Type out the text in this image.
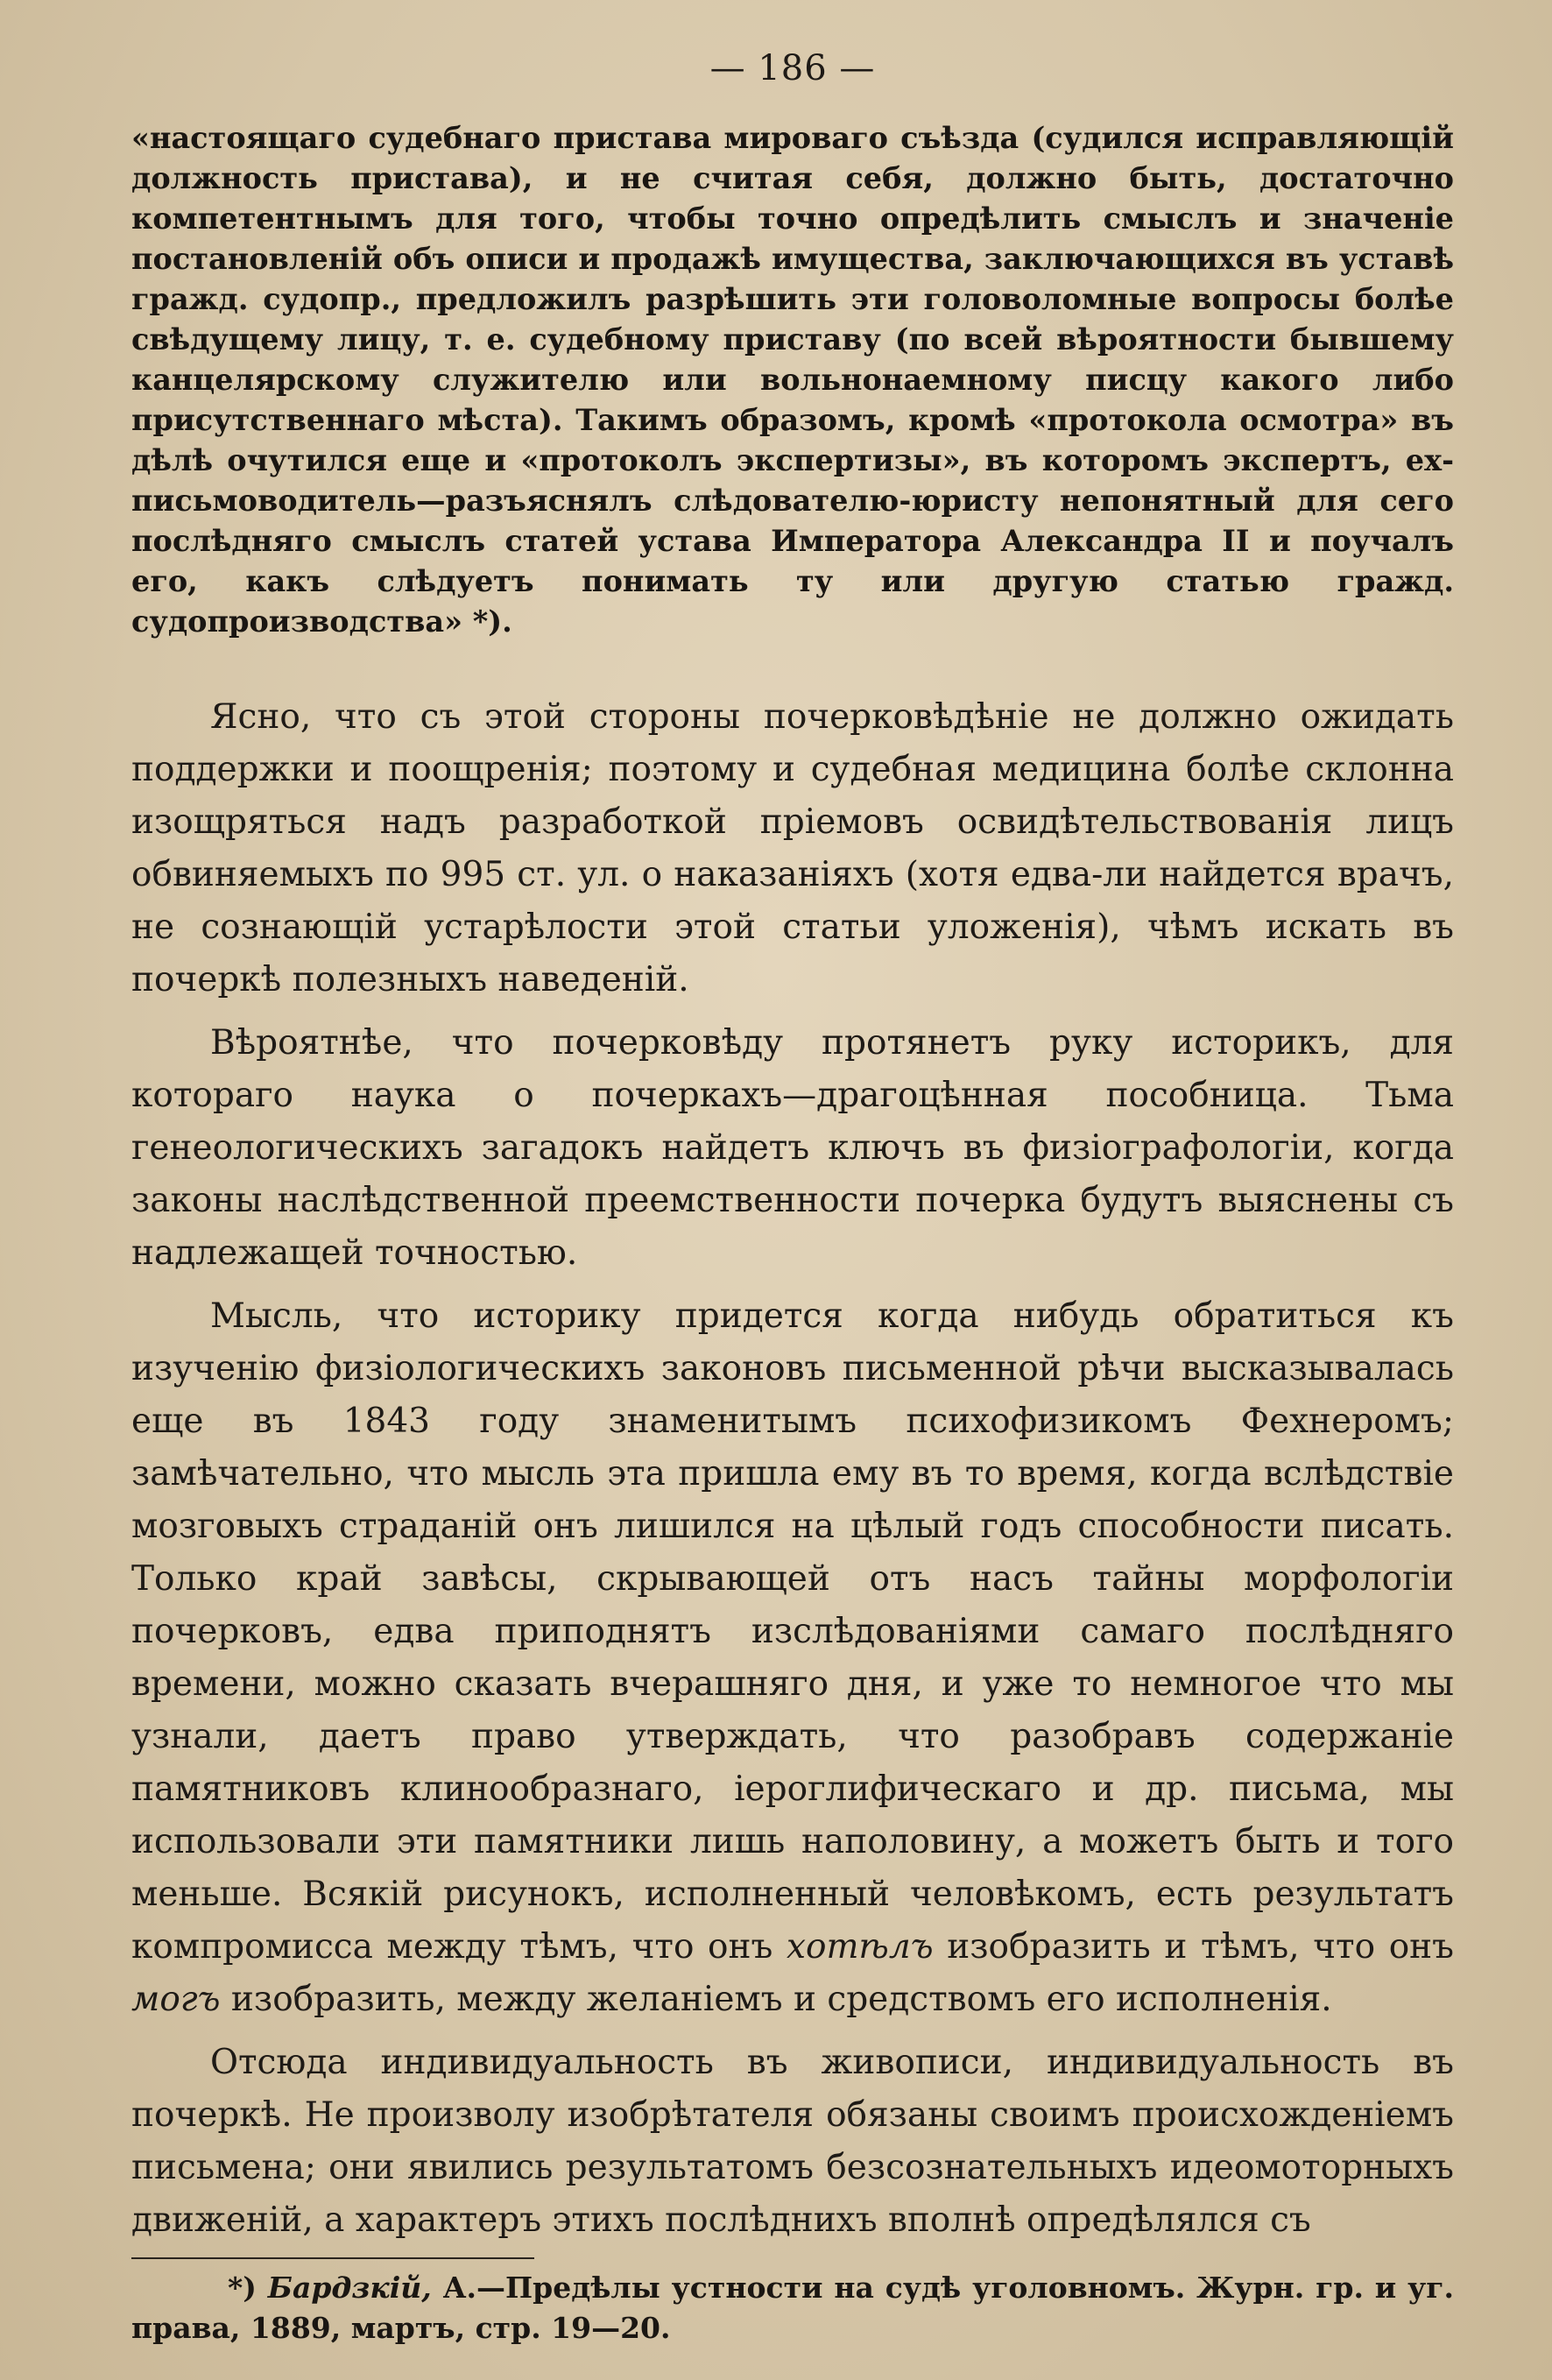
— 186 —

«настоящаго судебнаго пристава мироваго съѣзда (судился исправляющій должность пристава), и не считая себя, должно быть, достаточно компетентнымъ для того, чтобы точно опредѣлить смыслъ и значеніе постановленій объ описи и продажѣ имущества, заключающихся въ уставѣ гражд. судопр., предложилъ разрѣшить эти головоломные вопросы болѣе свѣдущему лицу, т. е. судебному приставу (по всей вѣроятности бывшему канцелярскому служителю или вольнонаемному писцу какого либо присутственнаго мѣста). Такимъ образомъ, кромѣ «протокола осмотра» въ дѣлѣ очутился еще и «протоколъ экспертизы», въ которомъ экспертъ, ех-письмоводитель—разъяснялъ слѣдователю-юристу непонятный для сего послѣдняго смыслъ статей устава Императора Александра II и поучалъ его, какъ слѣдуетъ понимать ту или другую статью гражд. судопроизводства» *).

Ясно, что съ этой стороны почерковѣдѣніе не должно ожидать поддержки и поощренія; поэтому и судебная медицина болѣе склонна изощряться надъ разработкой пріемовъ освидѣтельствованія лицъ обвиняемыхъ по 995 ст. ул. о наказаніяхъ (хотя едва-ли найдется врачъ, не сознающій устарѣлости этой статьи уложенія), чѣмъ искать въ почеркѣ полезныхъ наведеній.

Вѣроятнѣе, что почерковѣду протянетъ руку историкъ, для котораго наука о почеркахъ—драгоцѣнная пособница. Тьма генеологическихъ загадокъ найдетъ ключъ въ физіографологіи, когда законы наслѣдственной преемственности почерка будутъ выяснены съ надлежащей точностью.

Мысль, что историку придется когда нибудь обратиться къ изученію физіологическихъ законовъ письменной рѣчи высказывалась еще въ 1843 году знаменитымъ психофизикомъ Фехнеромъ; замѣчательно, что мысль эта пришла ему въ то время, когда вслѣдствіе мозговыхъ страданій онъ лишился на цѣлый годъ способности писать. Только край завѣсы, скрывающей отъ насъ тайны морфологіи почерковъ, едва приподнятъ изслѣдованіями самаго послѣдняго времени, можно сказать вчерашняго дня, и уже то немногое что мы узнали, даетъ право утверждать, что разобравъ содержаніе памятниковъ клинообразнаго, іероглифическаго и др. письма, мы использовали эти памятники лишь наполовину, а можетъ быть и того меньше. Всякій рисунокъ, исполненный человѣкомъ, есть результатъ компромисса между тѣмъ, что онъ хотѣлъ изобразить и тѣмъ, что онъ могъ изобразить, между желаніемъ и средствомъ его исполненія.

Отсюда индивидуальность въ живописи, индивидуальность въ почеркѣ. Не произволу изобрѣтателя обязаны своимъ происхожденіемъ письмена; они явились результатомъ безсознательныхъ идеомоторныхъ движеній, а характеръ этихъ послѣднихъ вполнѣ опредѣлялся съ

*) Бардзкій, А.—Предѣлы устности на судѣ уголовномъ. Журн. гр. и уг. права, 1889, мартъ, стр. 19—20.
